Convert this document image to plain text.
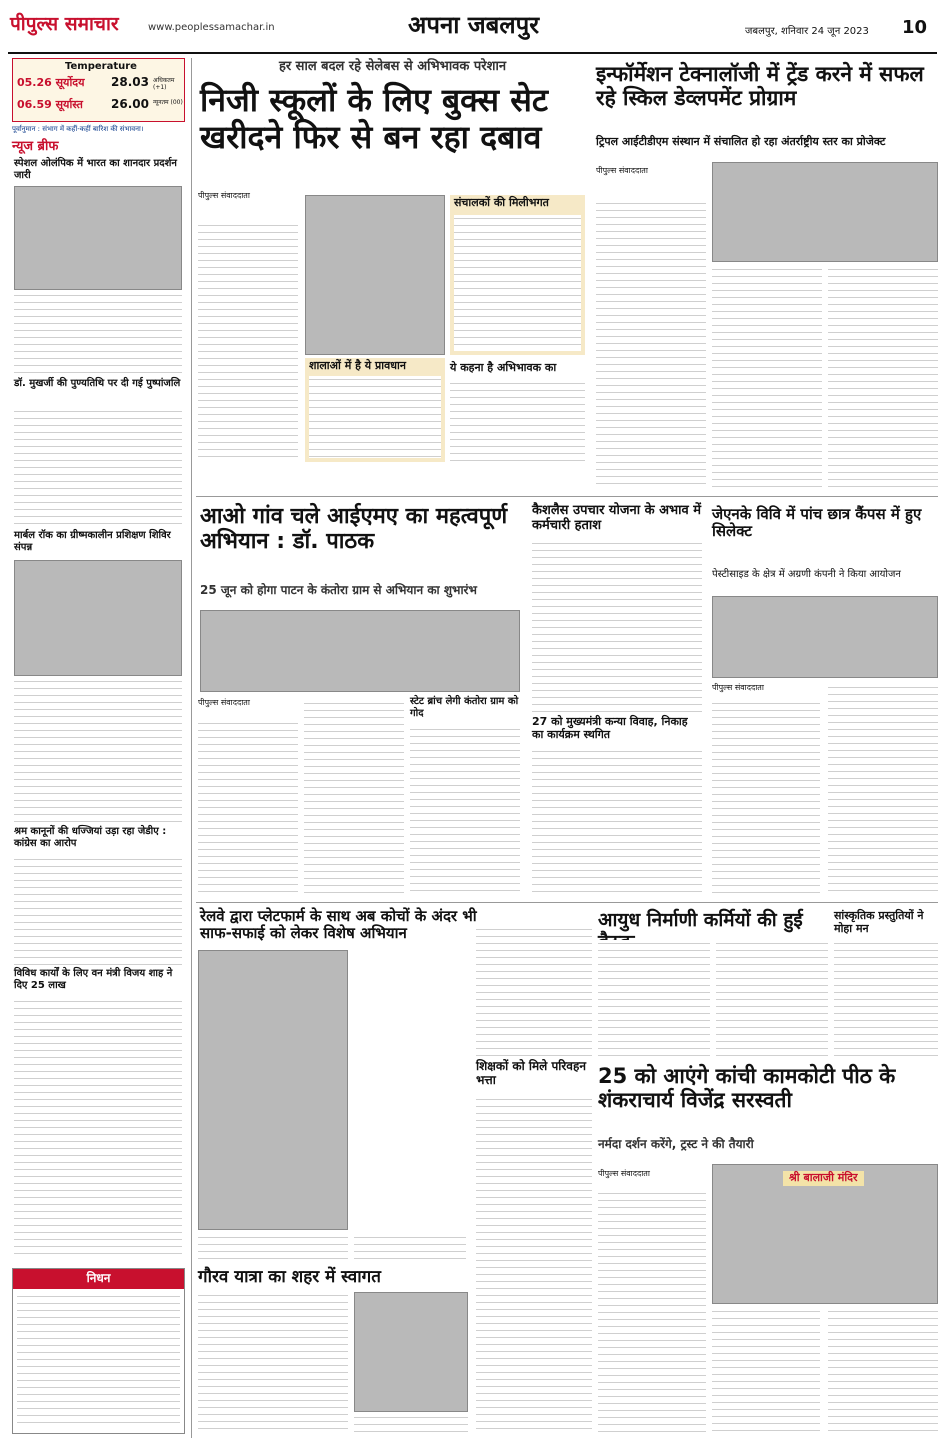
पीपुल्स समाचार	www.peoplessamachar.in	अपना जबलपुर	जबलपुर, शनिवार 24 जून 2023 10
Temperature
05.26 सूर्योदय 28.03 अधिकतम (+1)
06.59 सूर्यास्त 26.00 न्यूनतम (00)
पूर्वानुमान : संभाग में कहीं-कहीं बारिश की संभावना।
न्यूज ब्रीफ
स्पेशल ओलंपिक में भारत का शानदार प्रदर्शन जारी
डॉ. मुखर्जी की पुण्यतिथि पर दी गई पुष्पांजलि
मार्बल रॉक का ग्रीष्मकालीन प्रशिक्षण शिविर संपन्न
श्रम कानूनों की धज्जियां उड़ा रहा जेडीए : कांग्रेस का आरोप
विविध कार्यों के लिए वन मंत्री विजय शाह ने दिए 25 लाख
निधन
हर साल बदल रहे सेलेबस से अभिभावक परेशान
निजी स्कूलों के लिए बुक्स सेट खरीदने फिर से बन रहा दबाव
पीपुल्स संवाददाता
संचालकों की मिलीभगत
शालाओं में है ये प्रावधान	ये कहना है अभिभावक का
इन्फॉर्मेशन टेक्नालॉजी में ट्रेंड करने में सफल रहे स्किल डेव्लपमेंट प्रोग्राम
ट्रिपल आईटीडीएम संस्थान में संचालित हो रहा अंतर्राष्ट्रीय स्तर का प्रोजेक्ट
पीपुल्स संवाददाता
आओ गांव चले आईएमए का महत्वपूर्ण अभियान : डॉ. पाठक
25 जून को होगा पाटन के कंतोरा ग्राम से अभियान का शुभारंभ
पीपुल्स संवाददाता	स्टेट ब्रांच लेगी कंतोरा ग्राम को गोद
कैशलैस उपचार योजना के अभाव में कर्मचारी हताश
27 को मुख्यमंत्री कन्या विवाह, निकाह का कार्यक्रम स्थगित
जेएनके विवि में पांच छात्र कैंपस में हुए सिलेक्ट
पेस्टीसाइड के क्षेत्र में अग्रणी कंपनी ने किया आयोजन
पीपुल्स संवाददाता
रेलवे द्वारा प्लेटफार्म के साथ अब कोचों के अंदर भी साफ-सफाई को लेकर विशेष अभियान
शिक्षकों को मिले परिवहन भत्ता
आयुध निर्माणी कर्मियों की हुई	सांस्कृतिक प्रस्तुतियों ने मोहा मन
गौरव यात्रा का शहर में स्वागत
25 को आएंगे कांची कामकोटी पीठ के शंकराचार्य विजेंद्र सरस्वती
नर्मदा दर्शन करेंगे, ट्रस्ट ने की तैयारी
पीपुल्स संवाददाता	श्री बालाजी मंदिर
